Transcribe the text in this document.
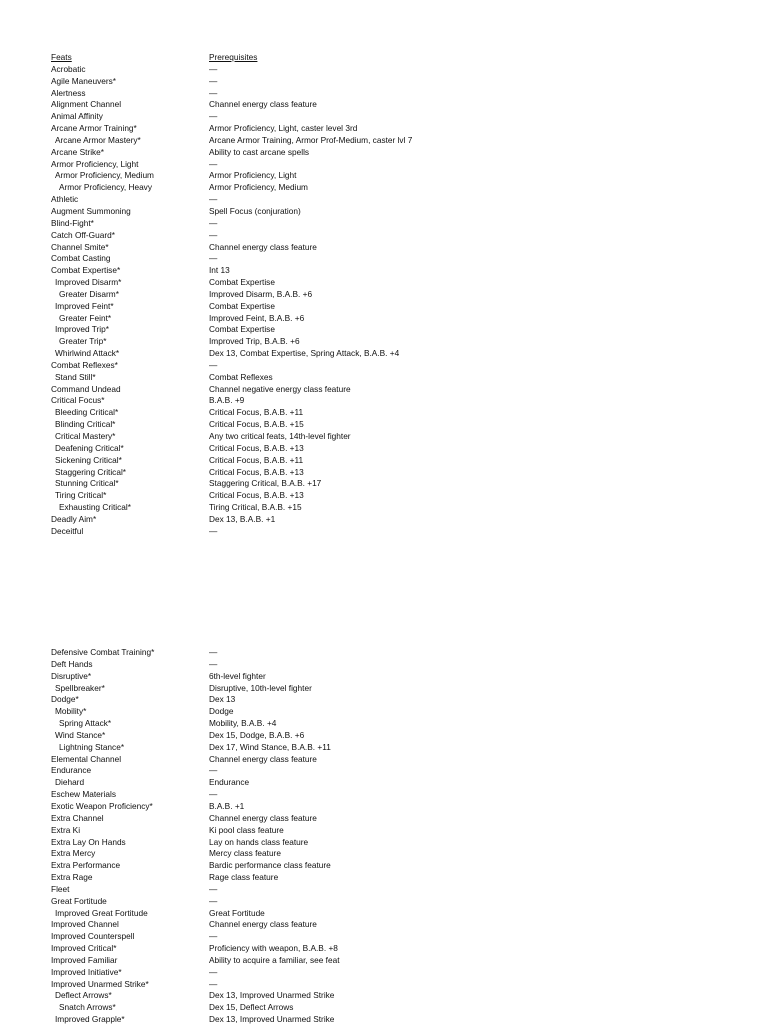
Feats	Prerequisites
Acrobatic	—
Agile Maneuvers*	—
Alertness	—
Alignment Channel	Channel energy class feature
Animal Affinity	—
Arcane Armor Training*	Armor Proficiency, Light, caster level 3rd
Arcane Armor Mastery*	Arcane Armor Training, Armor Prof-Medium, caster lvl 7
Arcane Strike*	Ability to cast arcane spells
Armor Proficiency, Light	—
Armor Proficiency, Medium	Armor Proficiency, Light
Armor Proficiency, Heavy	Armor Proficiency, Medium
Athletic	—
Augment Summoning	Spell Focus (conjuration)
Blind-Fight*	—
Catch Off-Guard*	—
Channel Smite*	Channel energy class feature
Combat Casting	—
Combat Expertise*	Int 13
Improved Disarm*	Combat Expertise
Greater Disarm*	Improved Disarm, B.A.B. +6
Improved Feint*	Combat Expertise
Greater Feint*	Improved Feint, B.A.B. +6
Improved Trip*	Combat Expertise
Greater Trip*	Improved Trip, B.A.B. +6
Whirlwind Attack*	Dex 13, Combat Expertise, Spring Attack, B.A.B. +4
Combat Reflexes*	—
Stand Still*	Combat Reflexes
Command Undead	Channel negative energy class feature
Critical Focus*	B.A.B. +9
Bleeding Critical*	Critical Focus, B.A.B. +11
Blinding Critical*	Critical Focus, B.A.B. +15
Critical Mastery*	Any two critical feats, 14th-level fighter
Deafening Critical*	Critical Focus, B.A.B. +13
Sickening Critical*	Critical Focus, B.A.B. +11
Staggering Critical*	Critical Focus, B.A.B. +13
Stunning Critical*	Staggering Critical, B.A.B. +17
Tiring Critical*	Critical Focus, B.A.B. +13
Exhausting Critical*	Tiring Critical, B.A.B. +15
Deadly Aim*	Dex 13, B.A.B. +1
Deceitful	—
Defensive Combat Training*	—
Deft Hands	—
Disruptive*	6th-level fighter
Spellbreaker*	Disruptive, 10th-level fighter
Dodge*	Dex 13
Mobility*	Dodge
Spring Attack*	Mobility, B.A.B. +4
Wind Stance*	Dex 15, Dodge, B.A.B. +6
Lightning Stance*	Dex 17, Wind Stance, B.A.B. +11
Elemental Channel	Channel energy class feature
Endurance	—
Diehard	Endurance
Eschew Materials	—
Exotic Weapon Proficiency*	B.A.B. +1
Extra Channel	Channel energy class feature
Extra Ki	Ki pool class feature
Extra Lay On Hands	Lay on hands class feature
Extra Mercy	Mercy class feature
Extra Performance	Bardic performance class feature
Extra Rage	Rage class feature
Fleet	—
Great Fortitude	—
Improved Great Fortitude	Great Fortitude
Improved Channel	Channel energy class feature
Improved Counterspell	—
Improved Critical*	Proficiency with weapon, B.A.B. +8
Improved Familiar	Ability to acquire a familiar, see feat
Improved Initiative*	—
Improved Unarmed Strike*	—
Deflect Arrows*	Dex 13, Improved Unarmed Strike
Snatch Arrows*	Dex 15, Deflect Arrows
Improved Grapple*	Dex 13, Improved Unarmed Strike
